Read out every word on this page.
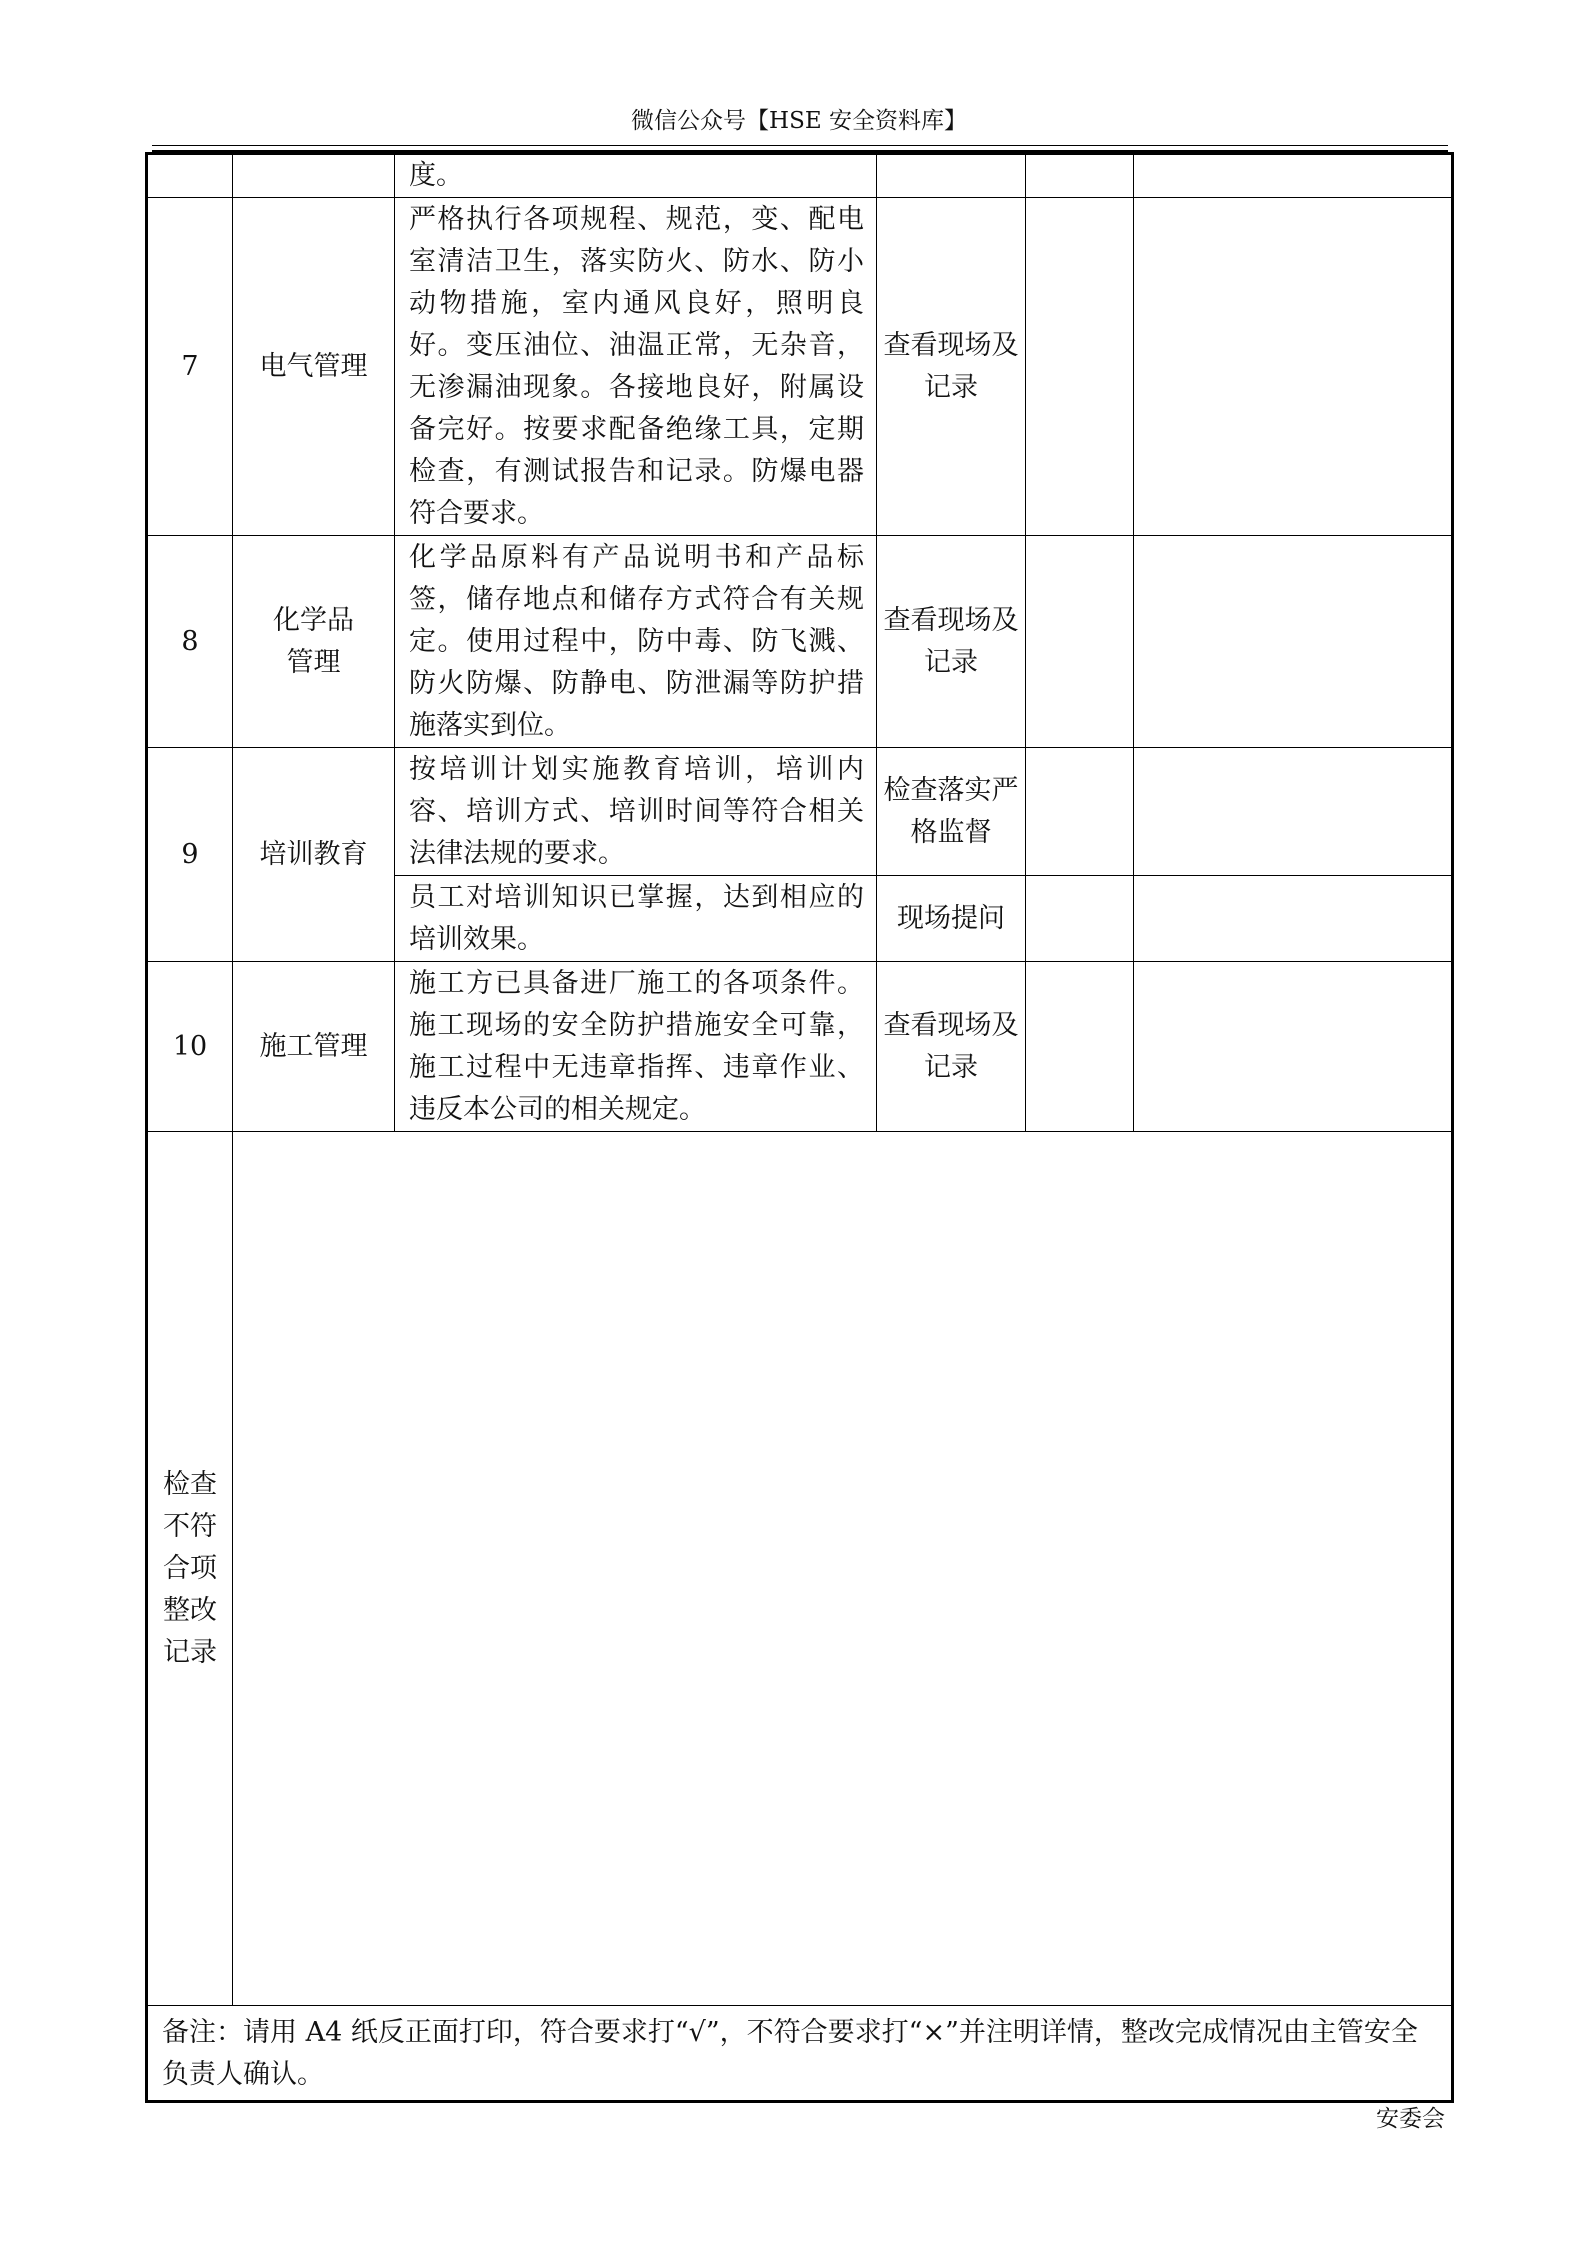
微信公众号【HSE 安全资料库】
		度。			
7	电气管理	严格执行各项规程、规范，变、配电室清洁卫生，落实防火、防水、防小动物措施，室内通风良好，照明良好。变压油位、油温正常，无杂音，无渗漏油现象。各接地良好，附属设备完好。按要求配备绝缘工具，定期检查，有测试报告和记录。防爆电器符合要求。	查看现场及记录		
8	化学品管理	化学品原料有产品说明书和产品标签，储存地点和储存方式符合有关规定。使用过程中，防中毒、防飞溅、防火防爆、防静电、防泄漏等防护措施落实到位。	查看现场及记录		
9	培训教育	按培训计划实施教育培训，培训内容、培训方式、培训时间等符合相关法律法规的要求。	检查落实严格监督		
		员工对培训知识已掌握，达到相应的培训效果。	现场提问		
10	施工管理	施工方已具备进厂施工的各项条件。施工现场的安全防护措施安全可靠，施工过程中无违章指挥、违章作业、违反本公司的相关规定。	查看现场及记录		

检查不符合项整改记录					

备注：请用 A4 纸反正面打印，符合要求打“√”，不符合要求打“×”并注明详情，整改完成情况由主管安全负责人确认。					
安委会
